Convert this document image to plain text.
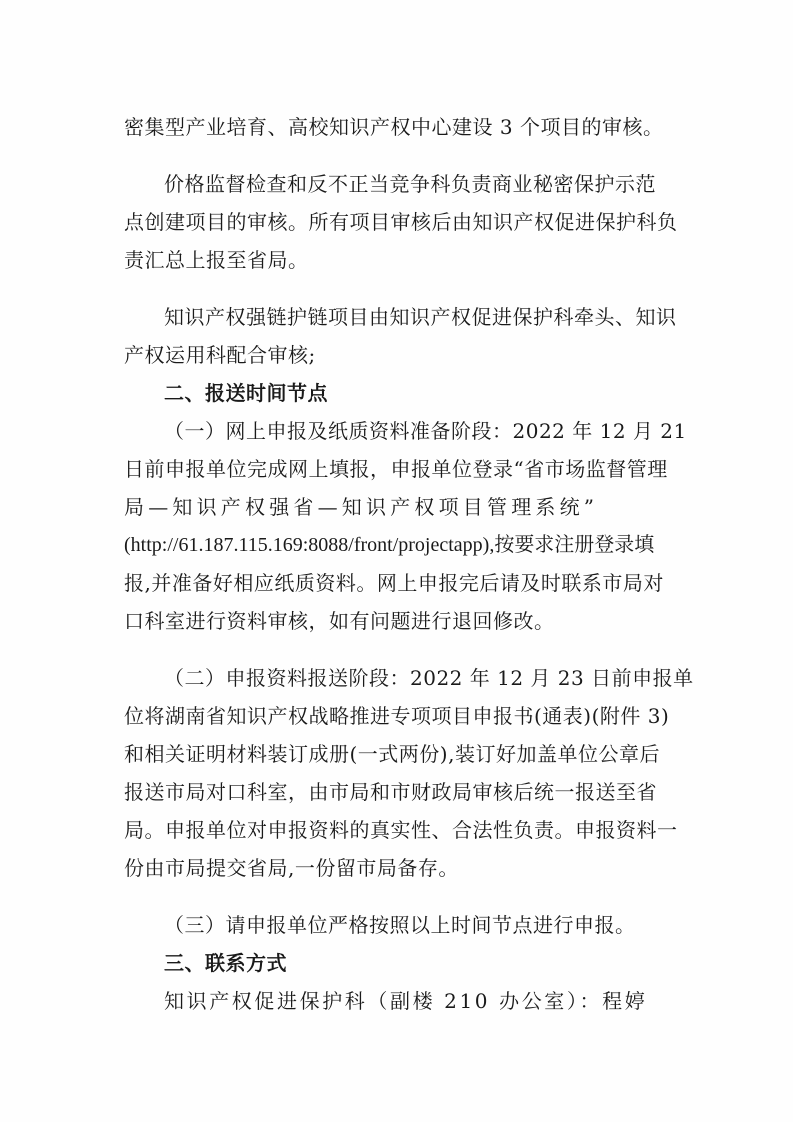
密集型产业培育、高校知识产权中心建设 3 个项目的审核。
价格监督检查和反不正当竞争科负责商业秘密保护示范
点创建项目的审核。所有项目审核后由知识产权促进保护科负
责汇总上报至省局。
知识产权强链护链项目由知识产权促进保护科牵头、知识
产权运用科配合审核;
二、报送时间节点
（一）网上申报及纸质资料准备阶段：2022 年 12 月 21
日前申报单位完成网上填报，申报单位登录“省市场监督管理
局—知识产权强省—知识产权项目管理系统”
(http://61.187.115.169:8088/front/projectapp),按要求注册登录填
报,并准备好相应纸质资料。网上申报完后请及时联系市局对
口科室进行资料审核，如有问题进行退回修改。
（二）申报资料报送阶段：2022 年 12 月 23 日前申报单
位将湖南省知识产权战略推进专项项目申报书(通表)(附件 3)
和相关证明材料装订成册(一式两份),装订好加盖单位公章后
报送市局对口科室，由市局和市财政局审核后统一报送至省
局。申报单位对申报资料的真实性、合法性负责。申报资料一
份由市局提交省局,一份留市局备存。
（三）请申报单位严格按照以上时间节点进行申报。
三、联系方式
知识产权促进保护科（副楼 210 办公室）：程婷
